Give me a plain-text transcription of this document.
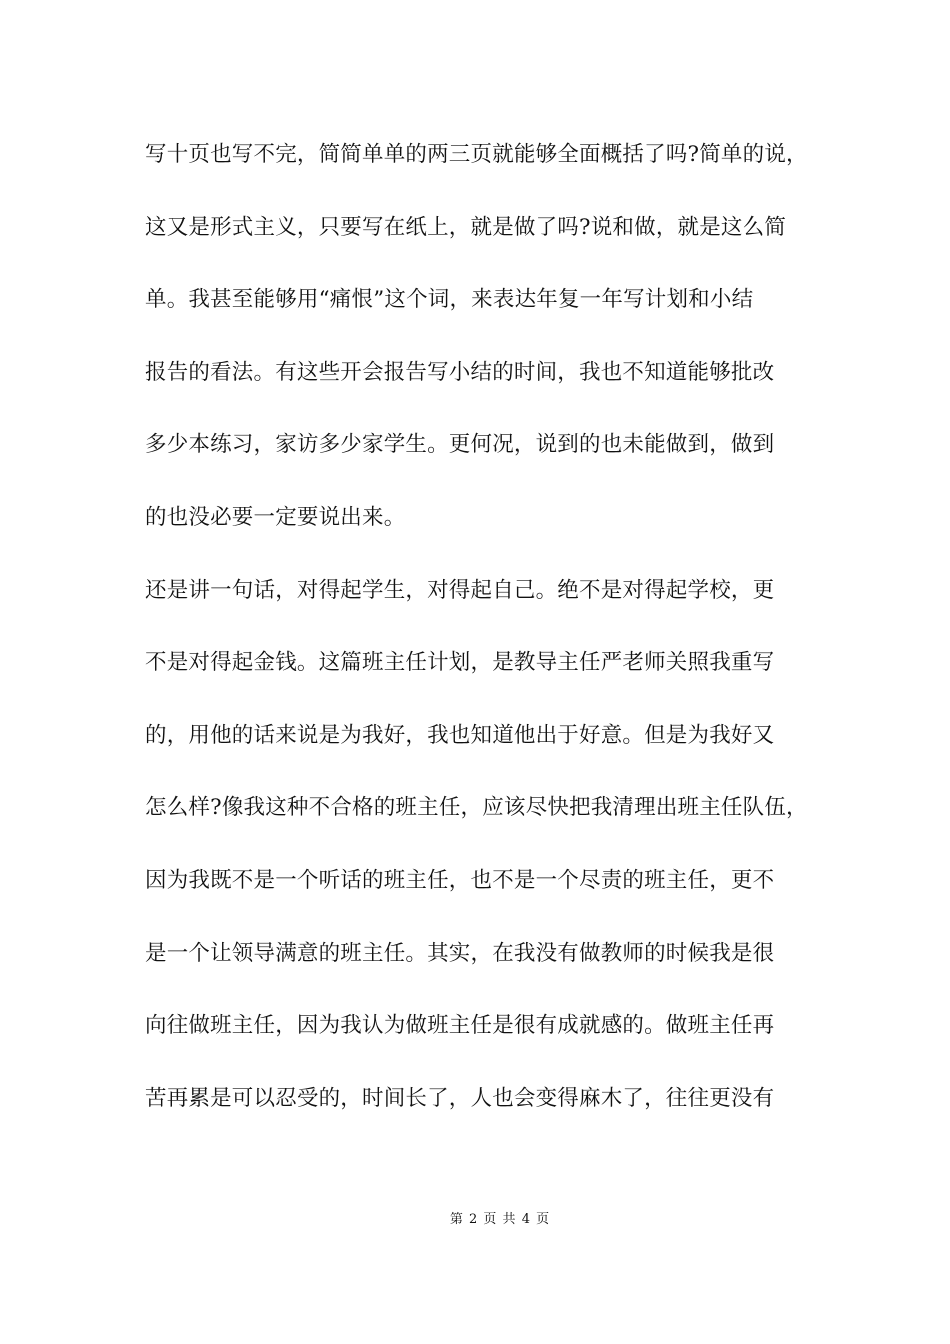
写十页也写不完，简简单单的两三页就能够全面概括了吗?简单的说，
这又是形式主义，只要写在纸上，就是做了吗?说和做，就是这么简
单。我甚至能够用“痛恨”这个词，来表达年复一年写计划和小结
报告的看法。有这些开会报告写小结的时间，我也不知道能够批改
多少本练习，家访多少家学生。更何况，说到的也未能做到，做到
的也没必要一定要说出来。
还是讲一句话，对得起学生，对得起自己。绝不是对得起学校，更
不是对得起金钱。这篇班主任计划，是教导主任严老师关照我重写
的，用他的话来说是为我好，我也知道他出于好意。但是为我好又
怎么样?像我这种不合格的班主任，应该尽快把我清理出班主任队伍，
因为我既不是一个听话的班主任，也不是一个尽责的班主任，更不
是一个让领导满意的班主任。其实，在我没有做教师的时候我是很
向往做班主任，因为我认为做班主任是很有成就感的。做班主任再
苦再累是可以忍受的，时间长了，人也会变得麻木了，往往更没有
第 2 页 共 4 页
